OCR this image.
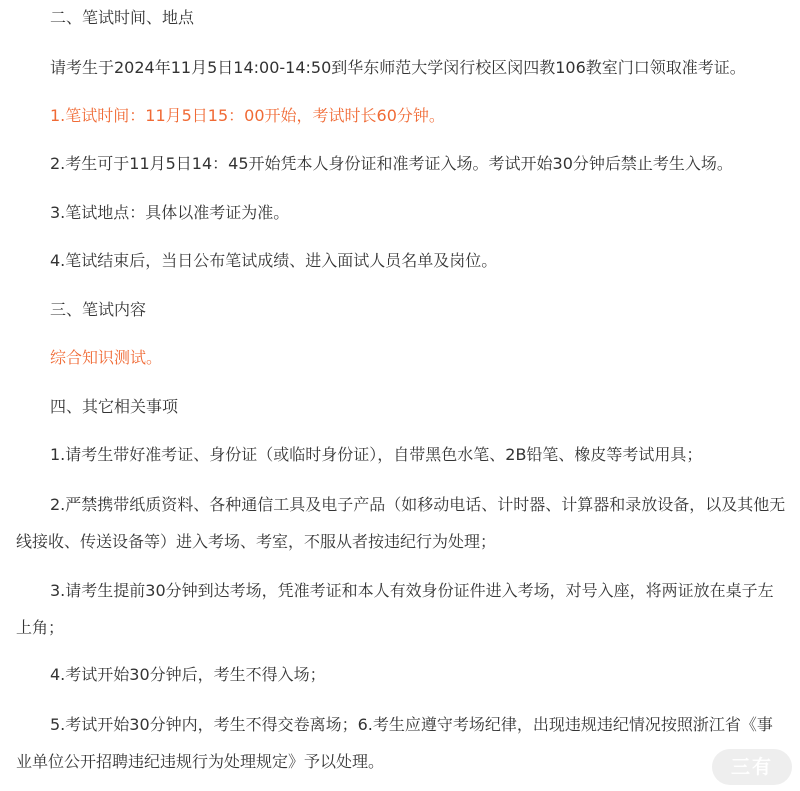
二、笔试时间、地点

请考生于2024年11月5日14:00-14:50到华东师范大学闵行校区闵四教106教室门口领取准考证。

1.笔试时间：11月5日15：00开始，考试时长60分钟。

2.考生可于11月5日14：45开始凭本人身份证和准考证入场。考试开始30分钟后禁止考生入场。

3.笔试地点：具体以准考证为准。

4.笔试结束后，当日公布笔试成绩、进入面试人员名单及岗位。

三、笔试内容

综合知识测试。

四、其它相关事项

1.请考生带好准考证、身份证（或临时身份证），自带黑色水笔、2B铅笔、橡皮等考试用具；

2.严禁携带纸质资料、各种通信工具及电子产品（如移动电话、计时器、计算器和录放设备，以及其他无线接收、传送设备等）进入考场、考室，不服从者按违纪行为处理；

3.请考生提前30分钟到达考场，凭准考证和本人有效身份证件进入考场，对号入座，将两证放在桌子左上角；

4.考试开始30分钟后，考生不得入场；

5.考试开始30分钟内，考生不得交卷离场；6.考生应遵守考场纪律，出现违规违纪情况按照浙江省《事业单位公开招聘违纪违规行为处理规定》予以处理。	三有
